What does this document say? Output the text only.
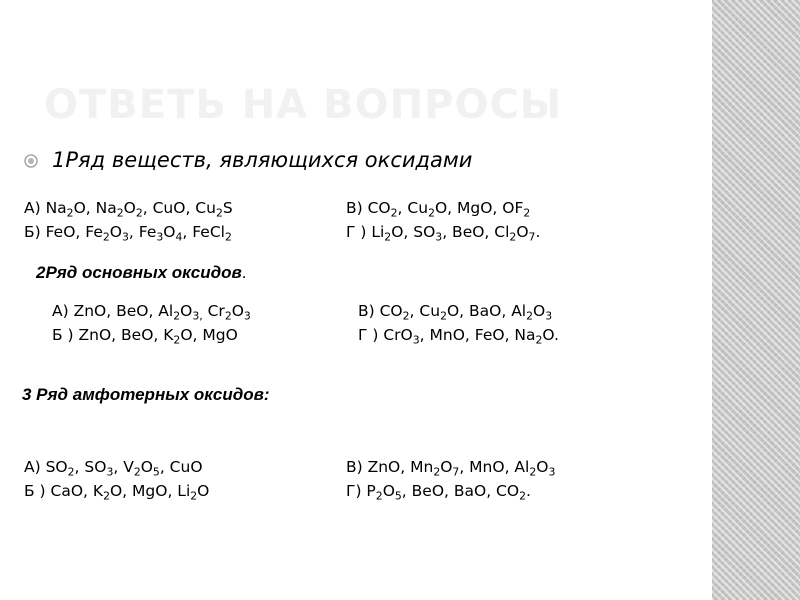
ОТВЕТЬ НА ВОПРОСЫ
1Ряд веществ, являющихся оксидами
А) $Na_2O$, $Na_2O_2$, CuO, $Cu_2S$
Б) FeO, $Fe_2O_3$, $Fe_3O_4$, FeCl$_2$
В) $CO_2$, $Cu_2O$, MgO, $OF_2$
Г ) $Li_2O$, $SO_3$, BeO, $Cl_2O_7$.
2Ряд основных оксидов.
А) ZnO, BeO, $Al_2O_{3,}$ $Cr_2O_3$
Б ) ZnO, BeO, $K_2O$, MgO
В) $CO_2$, $Cu_2O$, BaO, $Al_2O_3$
Г ) CrO$_3$, MnO, FeO, $Na_2O$.
3 Ряд амфотерных оксидов:
А) $SO_2$, $SO_3$, $V_2O_5$, CuO
Б ) CaO, $K_2O$, MgO, $Li_2O$
В) ZnO, $Mn_2O_7$, MnO, $Al_2O_3$
Г) $P_2O_5$, BeO, BaO, $CO_2$.
